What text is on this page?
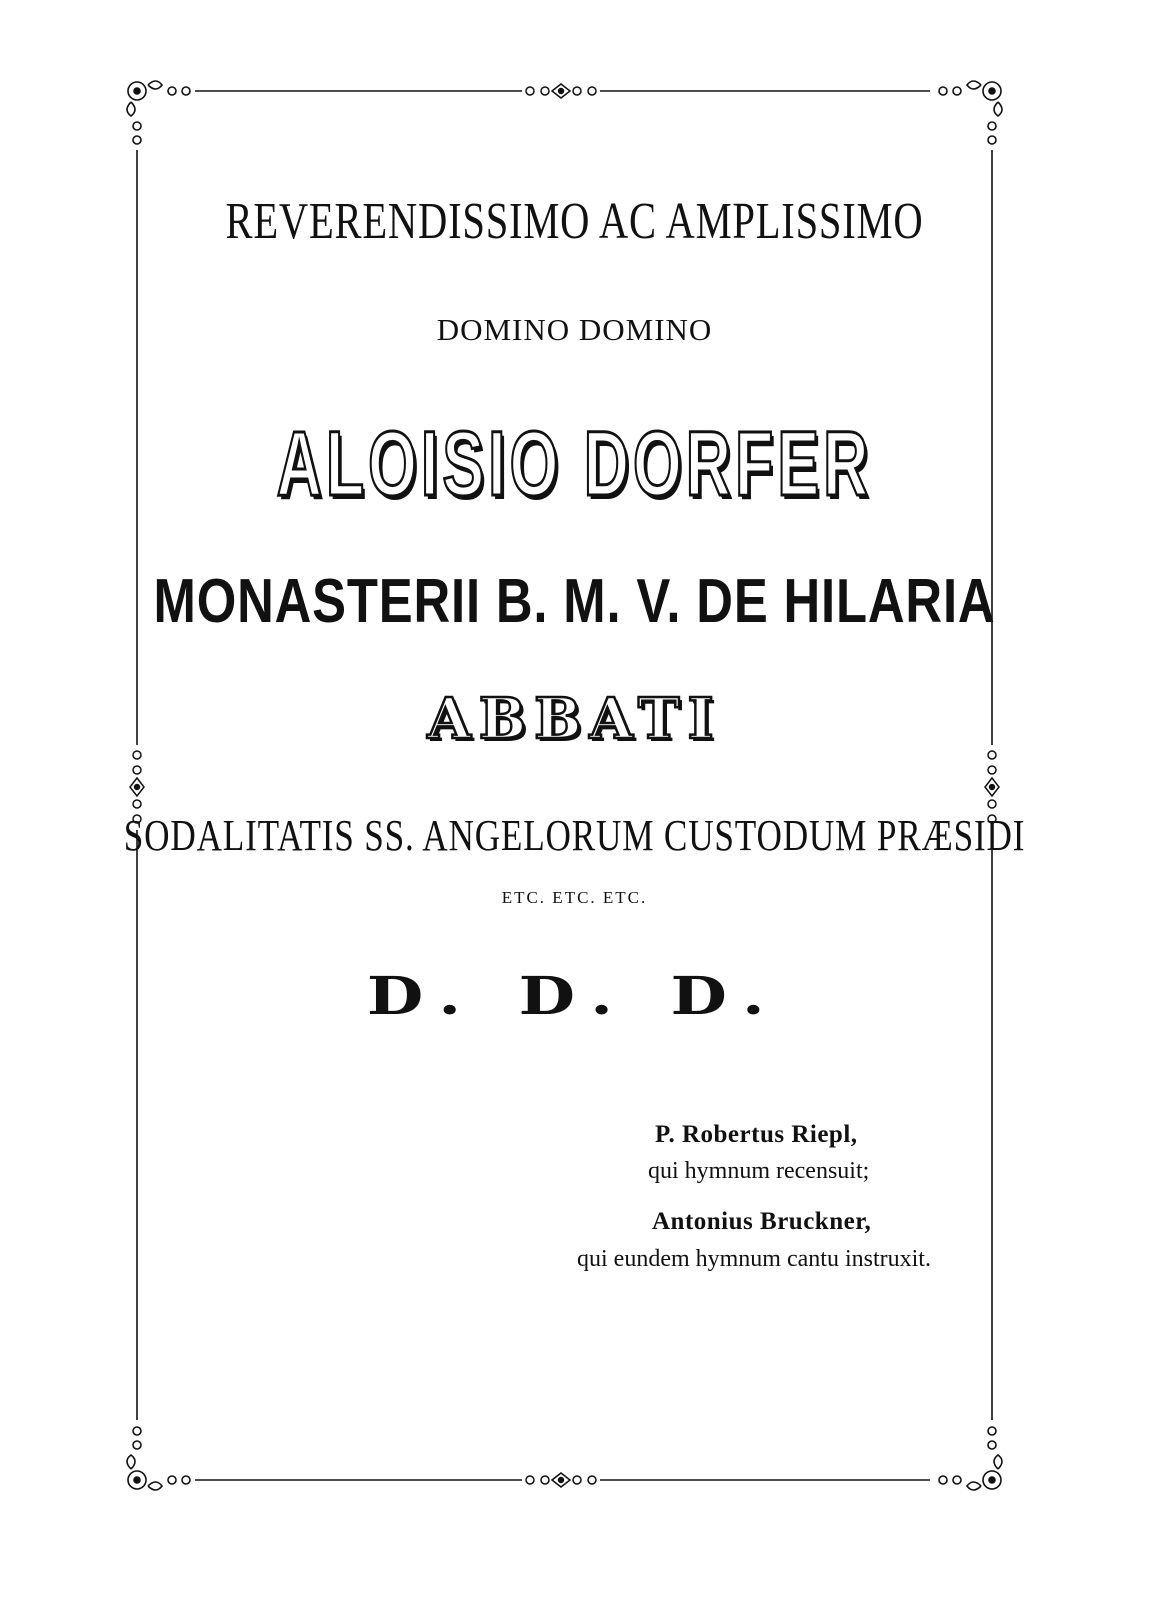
REVERENDISSIMO AC AMPLISSIMO
DOMINO DOMINO
ALOISIO DORFER
MONASTERII B. M. V. DE HILARIA
ABBATI
SODALITATIS SS. ANGELORUM CUSTODUM PRÆSIDI
ETC. ETC. ETC.
D. D. D.
P. Robertus Riepl,
qui hymnum recensuit;
Antonius Bruckner,
qui eundem hymnum cantu instruxit.
